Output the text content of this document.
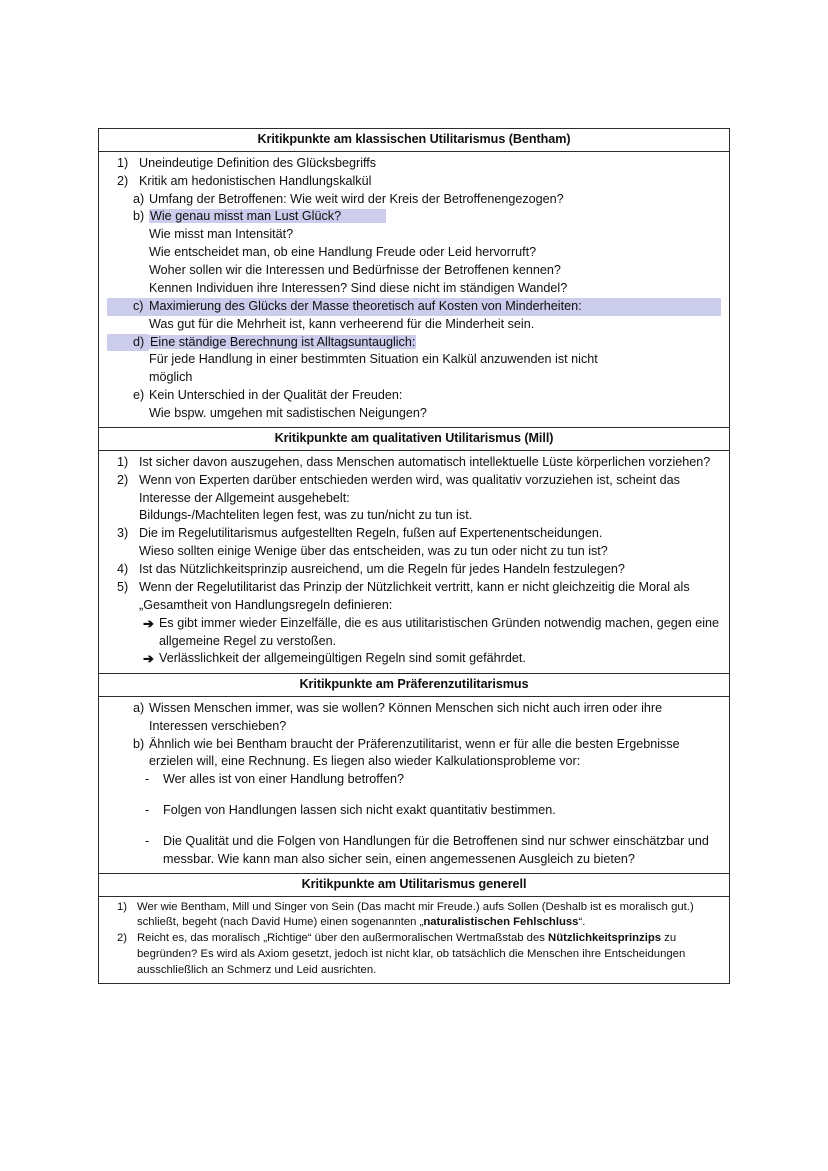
Kritikpunkte am klassischen Utilitarismus (Bentham)
1) Uneindeutige Definition des Glücksbegriffs
2) Kritik am hedonistischen Handlungskalkül
a) Umfang der Betroffenen: Wie weit wird der Kreis der Betroffenengezogen?
b) Wie genau misst man Lust Glück?
Wie misst man Intensität?
Wie entscheidet man, ob eine Handlung Freude oder Leid hervorruft?
Woher sollen wir die Interessen und Bedürfnisse der Betroffenen kennen?
Kennen Individuen ihre Interessen? Sind diese nicht im ständigen Wandel?
c) Maximierung des Glücks der Masse theoretisch auf Kosten von Minderheiten:
Was gut für die Mehrheit ist, kann verheerend für die Minderheit sein.
d) Eine ständige Berechnung ist Alltagsuntauglich:
Für jede Handlung in einer bestimmten Situation ein Kalkül anzuwenden ist nicht
möglich
e) Kein Unterschied in der Qualität der Freuden:
Wie bspw. umgehen mit sadistischen Neigungen?
Kritikpunkte am qualitativen Utilitarismus (Mill)
1) Ist sicher davon auszugehen, dass Menschen automatisch intellektuelle Lüste körperlichen vorziehen?
2) Wenn von Experten darüber entschieden werden wird, was qualitativ vorzuziehen ist, scheint das Interesse der Allgemeint ausgehebelt:
Bildungs-/Machteliten legen fest, was zu tun/nicht zu tun ist.
3) Die im Regelutilitarismus aufgestellten Regeln, fußen auf Expertenentscheidungen.
Wieso sollten einige Wenige über das entscheiden, was zu tun oder nicht zu tun ist?
4) Ist das Nützlichkeitsprinzip ausreichend, um die Regeln für jedes Handeln festzulegen?
5) Wenn der Regelutilitarist das Prinzip der Nützlichkeit vertritt, kann er nicht gleichzeitig die Moral als „Gesamtheit von Handlungsregeln definieren:
➔ Es gibt immer wieder Einzelfälle, die es aus utilitaristischen Gründen notwendig machen, gegen eine allgemeine Regel zu verstoßen.
➔ Verlässlichkeit der allgemeingültigen Regeln sind somit gefährdet.
Kritikpunkte am Präferenzutilitarismus
a) Wissen Menschen immer, was sie wollen? Können Menschen sich nicht auch irren oder ihre Interessen verschieben?
b) Ähnlich wie bei Bentham braucht der Präferenzutilitarist, wenn er für alle die besten Ergebnisse erzielen will, eine Rechnung. Es liegen also wieder Kalkulationsprobleme vor:
-	Wer alles ist von einer Handlung betroffen?
-	Folgen von Handlungen lassen sich nicht exakt quantitativ bestimmen.
-	Die Qualität und die Folgen von Handlungen für die Betroffenen sind nur schwer einschätzbar und messbar. Wie kann man also sicher sein, einen angemessenen Ausgleich zu bieten?
Kritikpunkte am Utilitarismus generell
1) Wer wie Bentham, Mill und Singer von Sein (Das macht mir Freude.) aufs Sollen (Deshalb ist es moralisch gut.) schließt, begeht (nach David Hume) einen sogenannten „naturalistischen Fehlschluss“.
2) Reicht es, das moralisch „Richtige“ über den außermoralischen Wertmaßstab des Nützlichkeitsprinzips zu begründen? Es wird als Axiom gesetzt, jedoch ist nicht klar, ob tatsächlich die Menschen ihre Entscheidungen ausschließlich an Schmerz und Leid ausrichten.
